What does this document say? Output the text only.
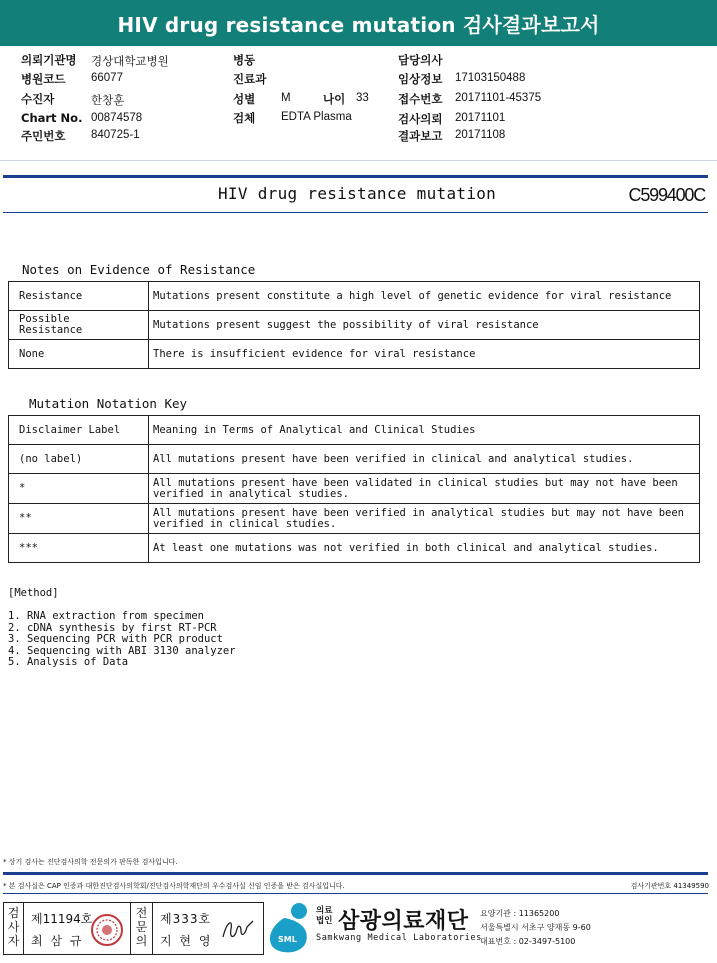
HIV drug resistance mutation 검사결과보고서
의뢰기관명 경상대학교병원
병원코드 66077
수진자	한창훈
Chart No. 00874578
주민번호 840725-1
병동
진료과
성별 M	나이 33
검체 EDTA Plasma
담당의사
임상정보 17103150488
접수번호 20171101-45375
검사의뢰 20171101
결과보고 20171108
HIV drug resistance mutation	C599400C
Notes on Evidence of Resistance
Resistance	Mutations present constitute a high level of genetic evidence for viral resistance
Possible Resistance	Mutations present suggest the possibility of viral resistance
None	There is insufficient evidence for viral resistance
Mutation Notation Key
Disclaimer Label	Meaning in Terms of Analytical and Clinical Studies
(no label)	All mutations present have been verified in clinical and analytical studies.
*	All mutations present have been validated in clinical studies but may not have been verified in analytical studies.
**	All mutations present have been verified in analytical studies but may not have been verified in clinical studies.
***	At least one mutations was not verified in both clinical and analytical studies.
[Method]
1. RNA extraction from specimen
2. cDNA synthesis by first RT-PCR
3. Sequencing PCR with PCR product
4. Sequencing with ABI 3130 analyzer
5. Analysis of Data
* 상기 검사는 진단검사의학 전문의가 판독한 검사입니다.
* 본 검사실은 CAP 인증과 대한진단검사의학회/진단검사의학재단의 우수검사실 신임 인증을 받은 검사실입니다.	검사기관번호 41349590
검사자
제11194호
최 삼 규
전문의
제333호
지 현 영	SML
의료
법인 삼광의료재단
Samkwang Medical Laboratories
요양기관 : 11365200
서울특별시 서초구 양재동 9-60
대표번호 : 02-3497-5100
